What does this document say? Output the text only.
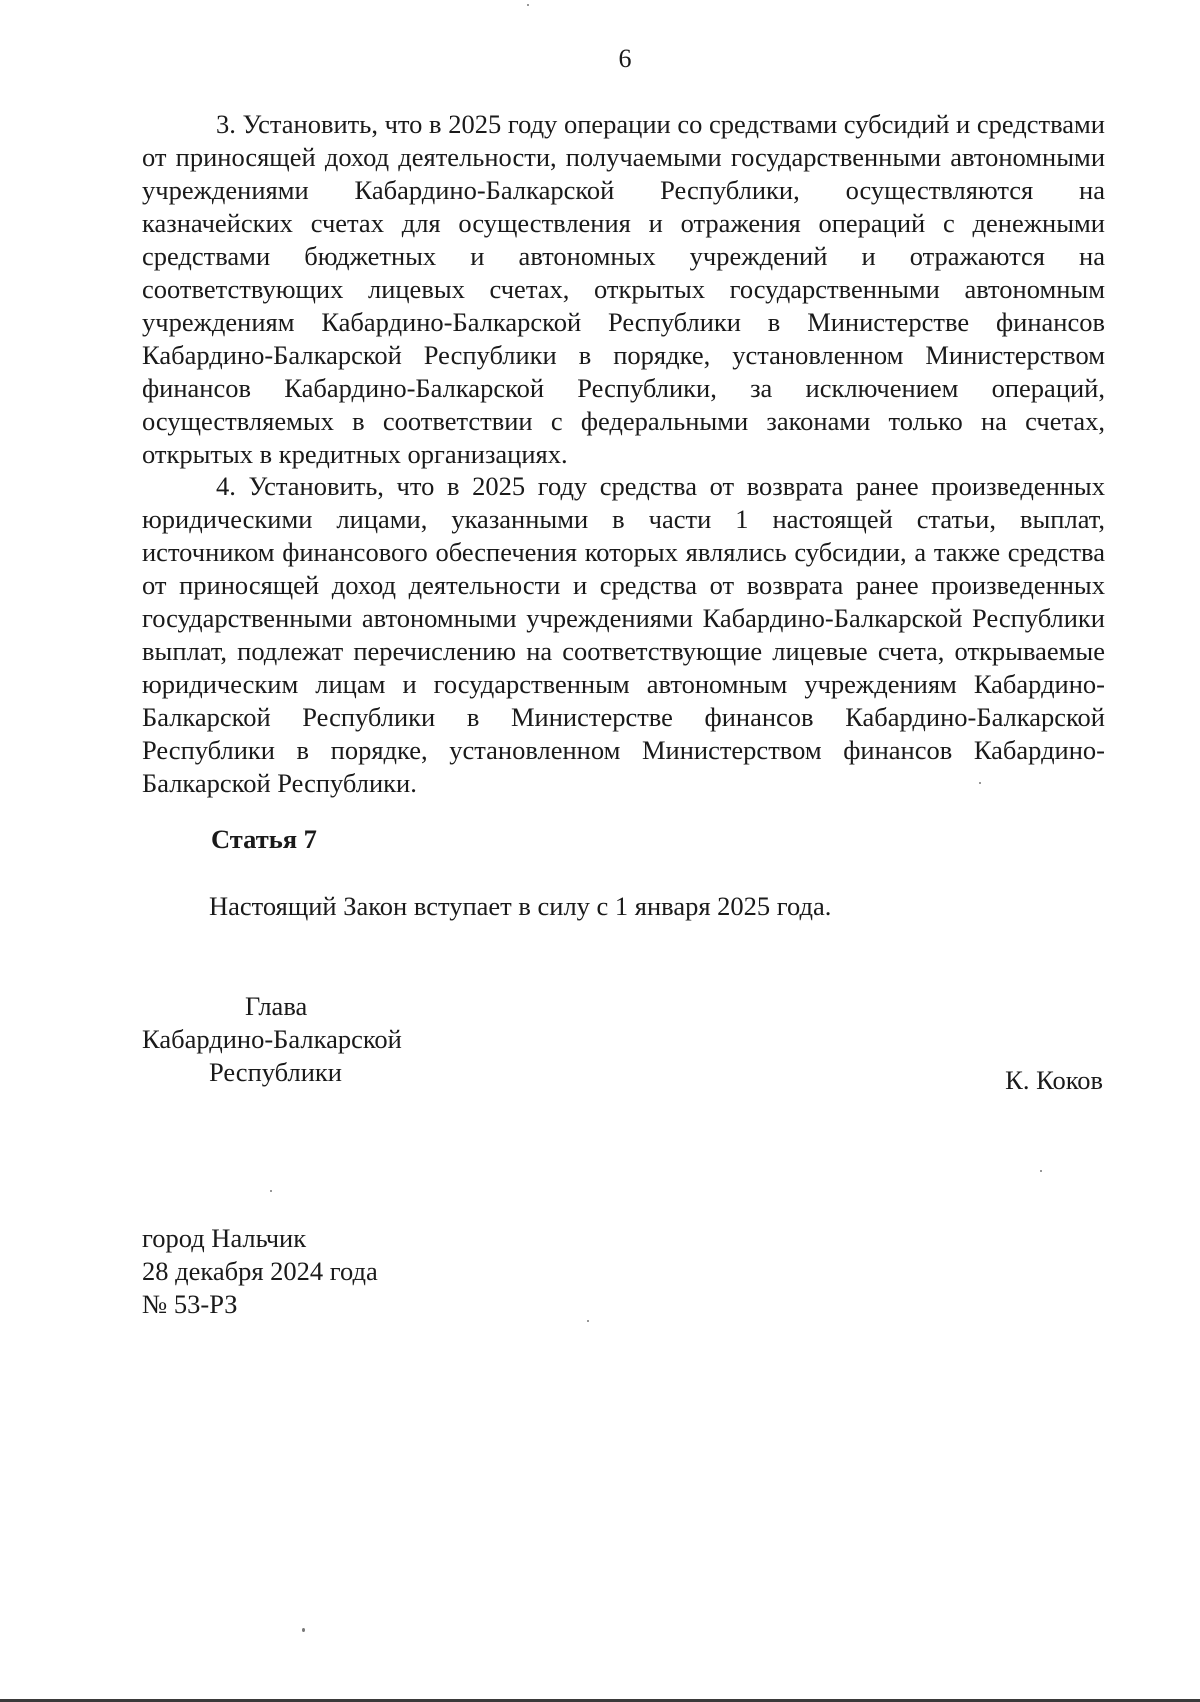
6

3. Установить, что в 2025 году операции со средствами субсидий и средствами от приносящей доход деятельности, получаемыми государственными автономными учреждениями Кабардино-Балкарской Республики, осуществляются на казначейских счетах для осуществления и отражения операций с денежными средствами бюджетных и автономных учреждений и отражаются на соответствующих лицевых счетах, открытых государственными автономным учреждениям Кабардино-Балкарской Республики в Министерстве финансов Кабардино-Балкарской Республики в порядке, установленном Министерством финансов Кабардино-Балкарской Республики, за исключением операций, осуществляемых в соответствии с федеральными законами только на счетах, открытых в кредитных организациях.

4. Установить, что в 2025 году средства от возврата ранее произведенных юридическими лицами, указанными в части 1 настоящей статьи, выплат, источником финансового обеспечения которых являлись субсидии, а также средства от приносящей доход деятельности и средства от возврата ранее произведенных государственными автономными учреждениями Кабардино-Балкарской Республики выплат, подлежат перечислению на соответствующие лицевые счета, открываемые юридическим лицам и государственным автономным учреждениям Кабардино-Балкарской Республики в Министерстве финансов Кабардино-Балкарской Республики в порядке, установленном Министерством финансов Кабардино-Балкарской Республики.

Статья 7

Настоящий Закон вступает в силу с 1 января 2025 года.

Глава
Кабардино-Балкарской
Республики	К. Коков
город Нальчик
28 декабря 2024 года
№ 53-РЗ
